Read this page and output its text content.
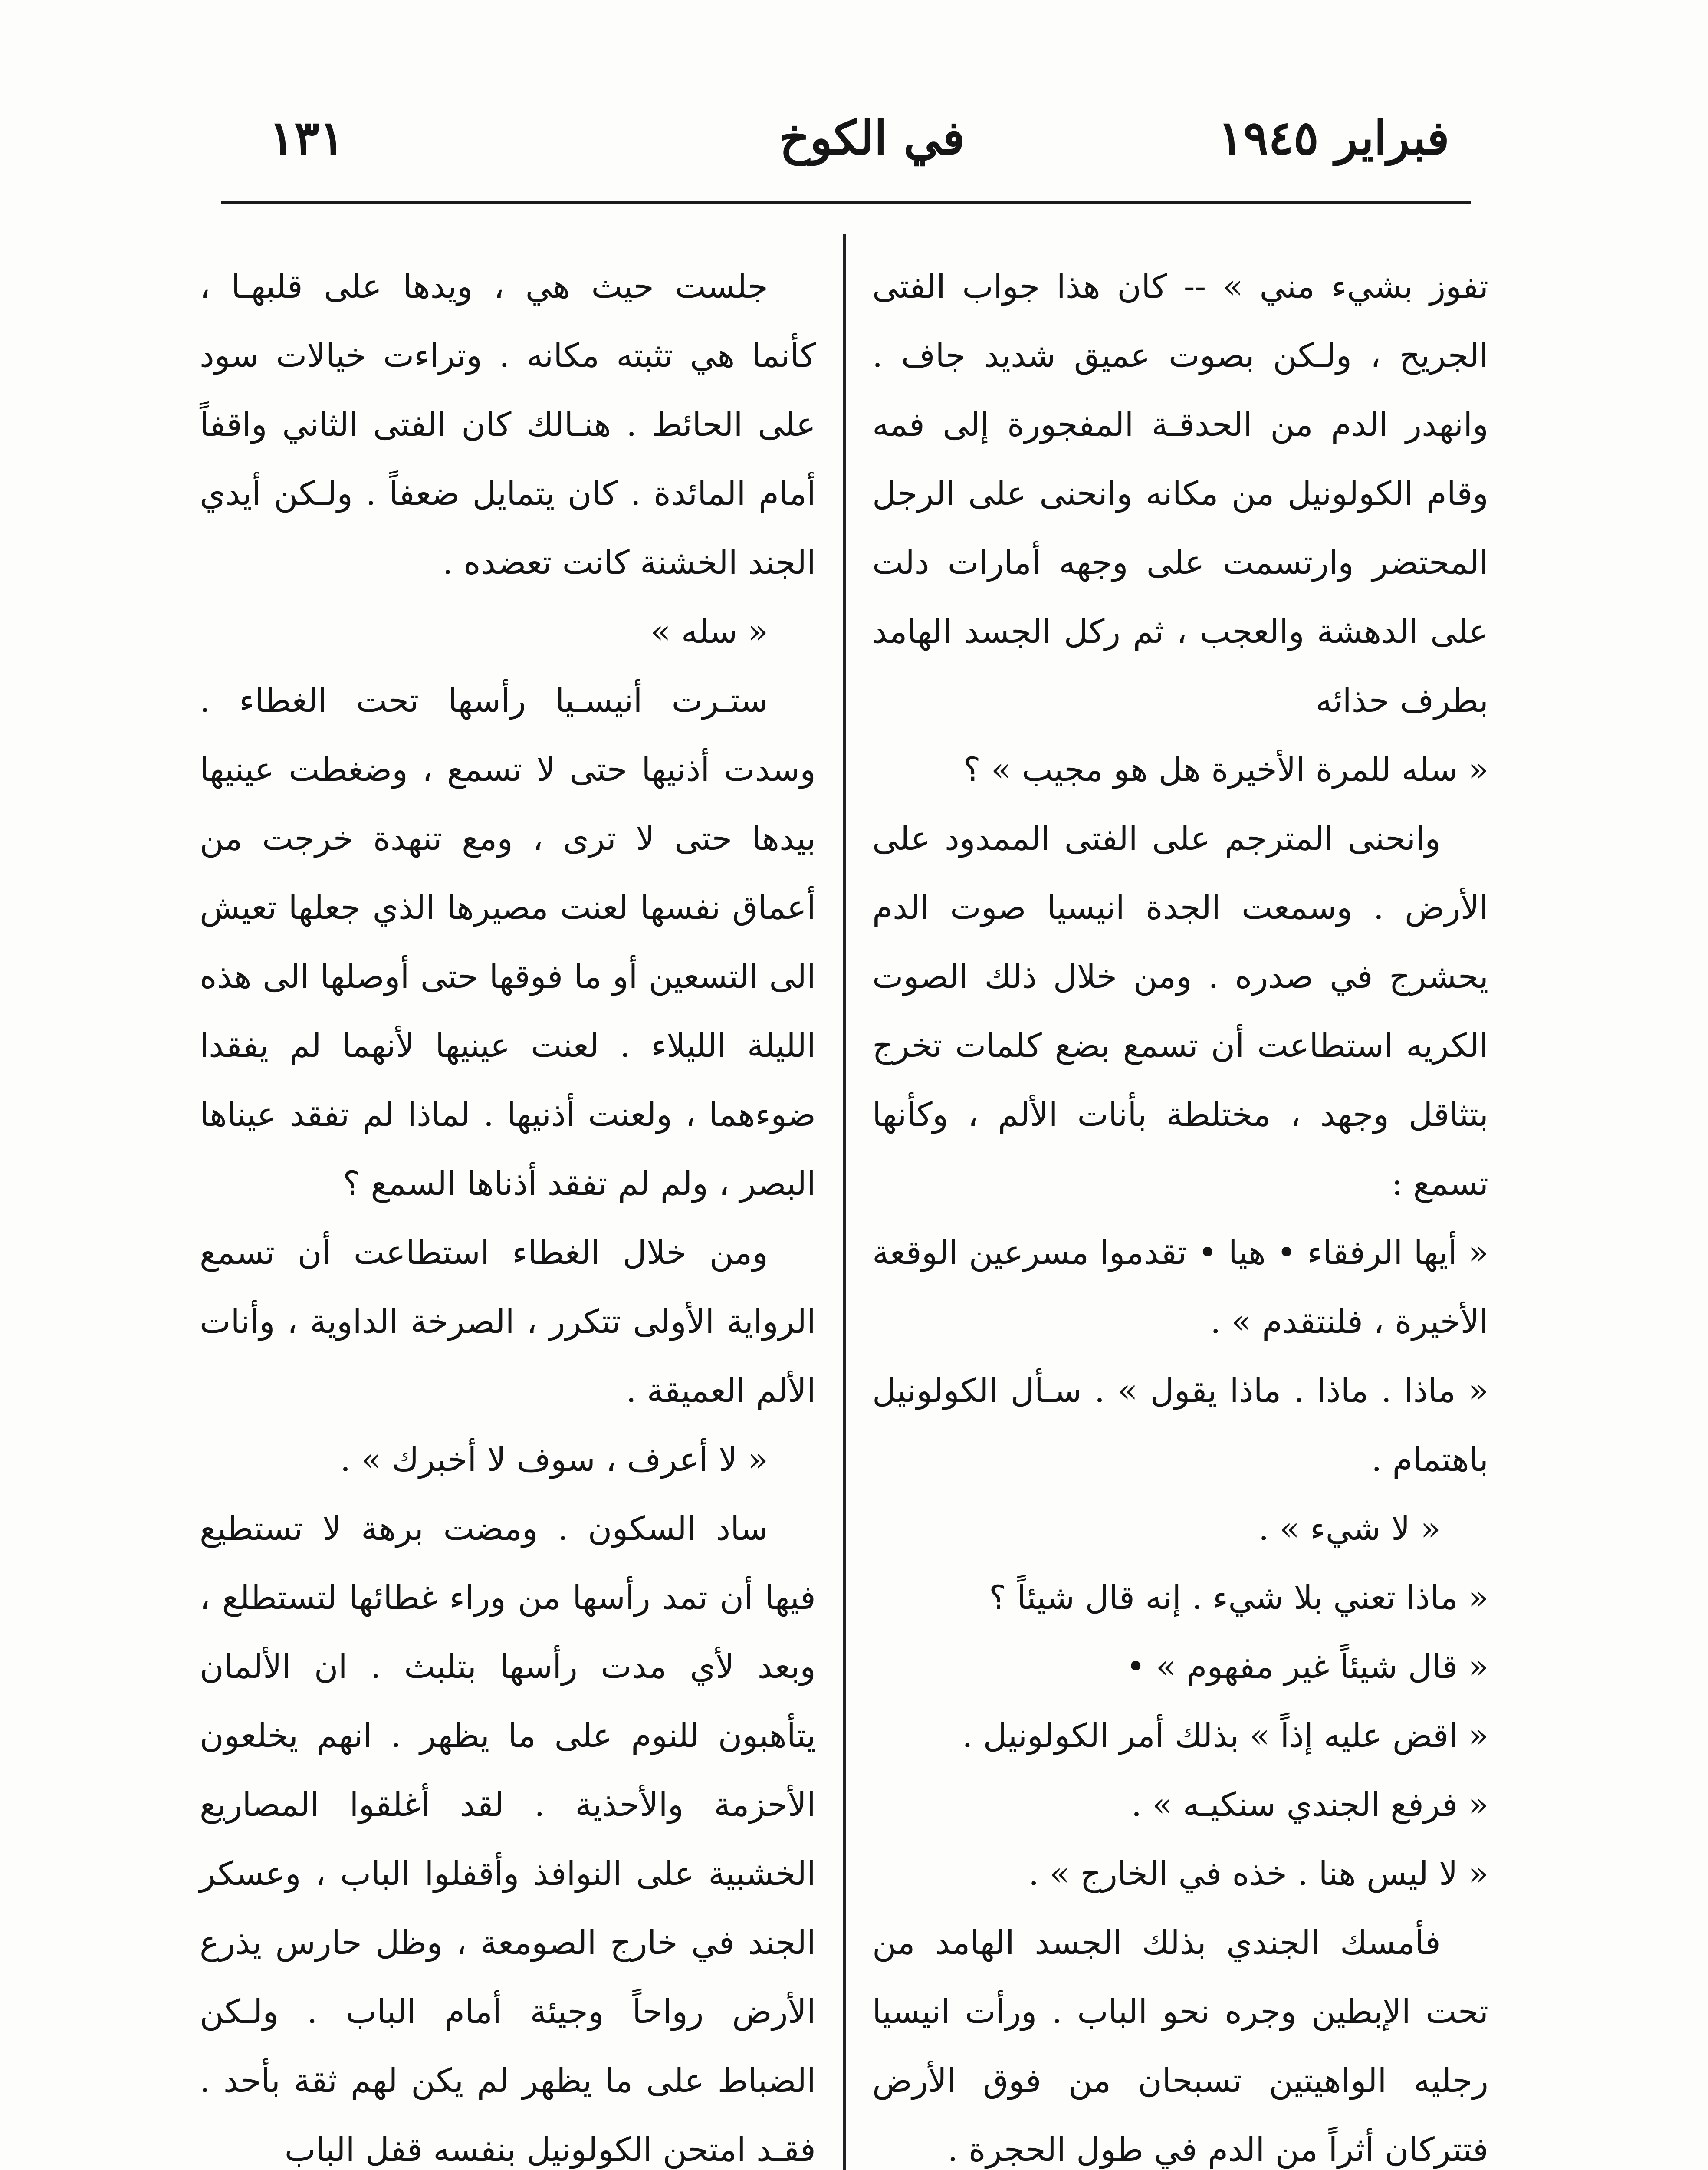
١٣١	في الكوخ	فبراير ١٩٤٥

تفوز بشيء مني » -- كان هذا جواب الفتى الجريح ، ولـكن بصوت عميق شديد جاف . وانهدر الدم من الحدقـة المفجورة إلى فمه وقام الكولونيل من مكانه وانحنى على الرجل المحتضر وارتسمت على وجهه أمارات دلت على الدهشة والعجب ، ثم ركل الجسد الهامد بطرف حذائه

« سله للمرة الأخيرة هل هو مجيب » ؟

وانحنى المترجم على الفتى الممدود على الأرض . وسمعت الجدة انيسيا صوت الدم يحشرج في صدره . ومن خلال ذلك الصوت الكريه استطاعت أن تسمع بضع كلمات تخرج بتثاقل وجهد ، مختلطة بأنات الألم ، وكأنها تسمع :

« أيها الرفقاء • هيا • تقدموا مسرعين الوقعة الأخيرة ، فلنتقدم » .

« ماذا . ماذا . ماذا يقول » . سـأل الكولونيل باهتمام .

« لا شيء » .

« ماذا تعني بلا شيء . إنه قال شيئاً ؟

« قال شيئاً غير مفهوم » •

« اقض عليه إذاً » بذلك أمر الكولونيل .

« فرفع الجندي سنكيـه » .

« لا ليس هنا . خذه في الخارج » .

فأمسك الجندي بذلك الجسد الهامد من تحت الإبطين وجره نحو الباب . ورأت انيسيا رجليه الواهيتين تسبحان من فوق الأرض فتتركان أثراً من الدم في طول الحجرة .

جلست حيث هي ، ويدها على قلبهـا ، كأنما هي تثبته مكانه . وتراءت خيالات سود على الحائط . هنـالك كان الفتى الثاني واقفاً أمام المائدة . كان يتمايل ضعفاً . ولـكن أيدي الجند الخشنة كانت تعضده .

« سله »

ستـرت أنيسـيا رأسها تحت الغطاء . وسدت أذنيها حتى لا تسمع ، وضغطت عينيها بيدها حتى لا ترى ، ومع تنهدة خرجت من أعماق نفسها لعنت مصيرها الذي جعلها تعيش الى التسعين أو ما فوقها حتى أوصلها الى هذه الليلة الليلاء . لعنت عينيها لأنهما لم يفقدا ضوءهما ، ولعنت أذنيها . لماذا لم تفقد عيناها البصر ، ولم لم تفقد أذناها السمع ؟

ومن خلال الغطاء استطاعت أن تسمع الرواية الأولى تتكرر ، الصرخة الداوية ، وأنات الألم العميقة .

« لا أعرف ، سوف لا أخبرك » .

ساد السكون . ومضت برهة لا تستطيع فيها أن تمد رأسها من وراء غطائها لتستطلع ، وبعد لأي مدت رأسها بتلبث . ان الألمان يتأهبون للنوم على ما يظهر . انهم يخلعون الأحزمة والأحذية . لقد أغلقوا المصاريع الخشبية على النوافذ وأقفلوا الباب ، وعسكر الجند في خارج الصومعة ، وظل حارس يذرع الأرض رواحاً وجيئة أمام الباب . ولـكن الضباط على ما يظهر لم يكن لهم ثقة بأحد . فقـد امتحن الكولونيل بنفسه قفل الباب
